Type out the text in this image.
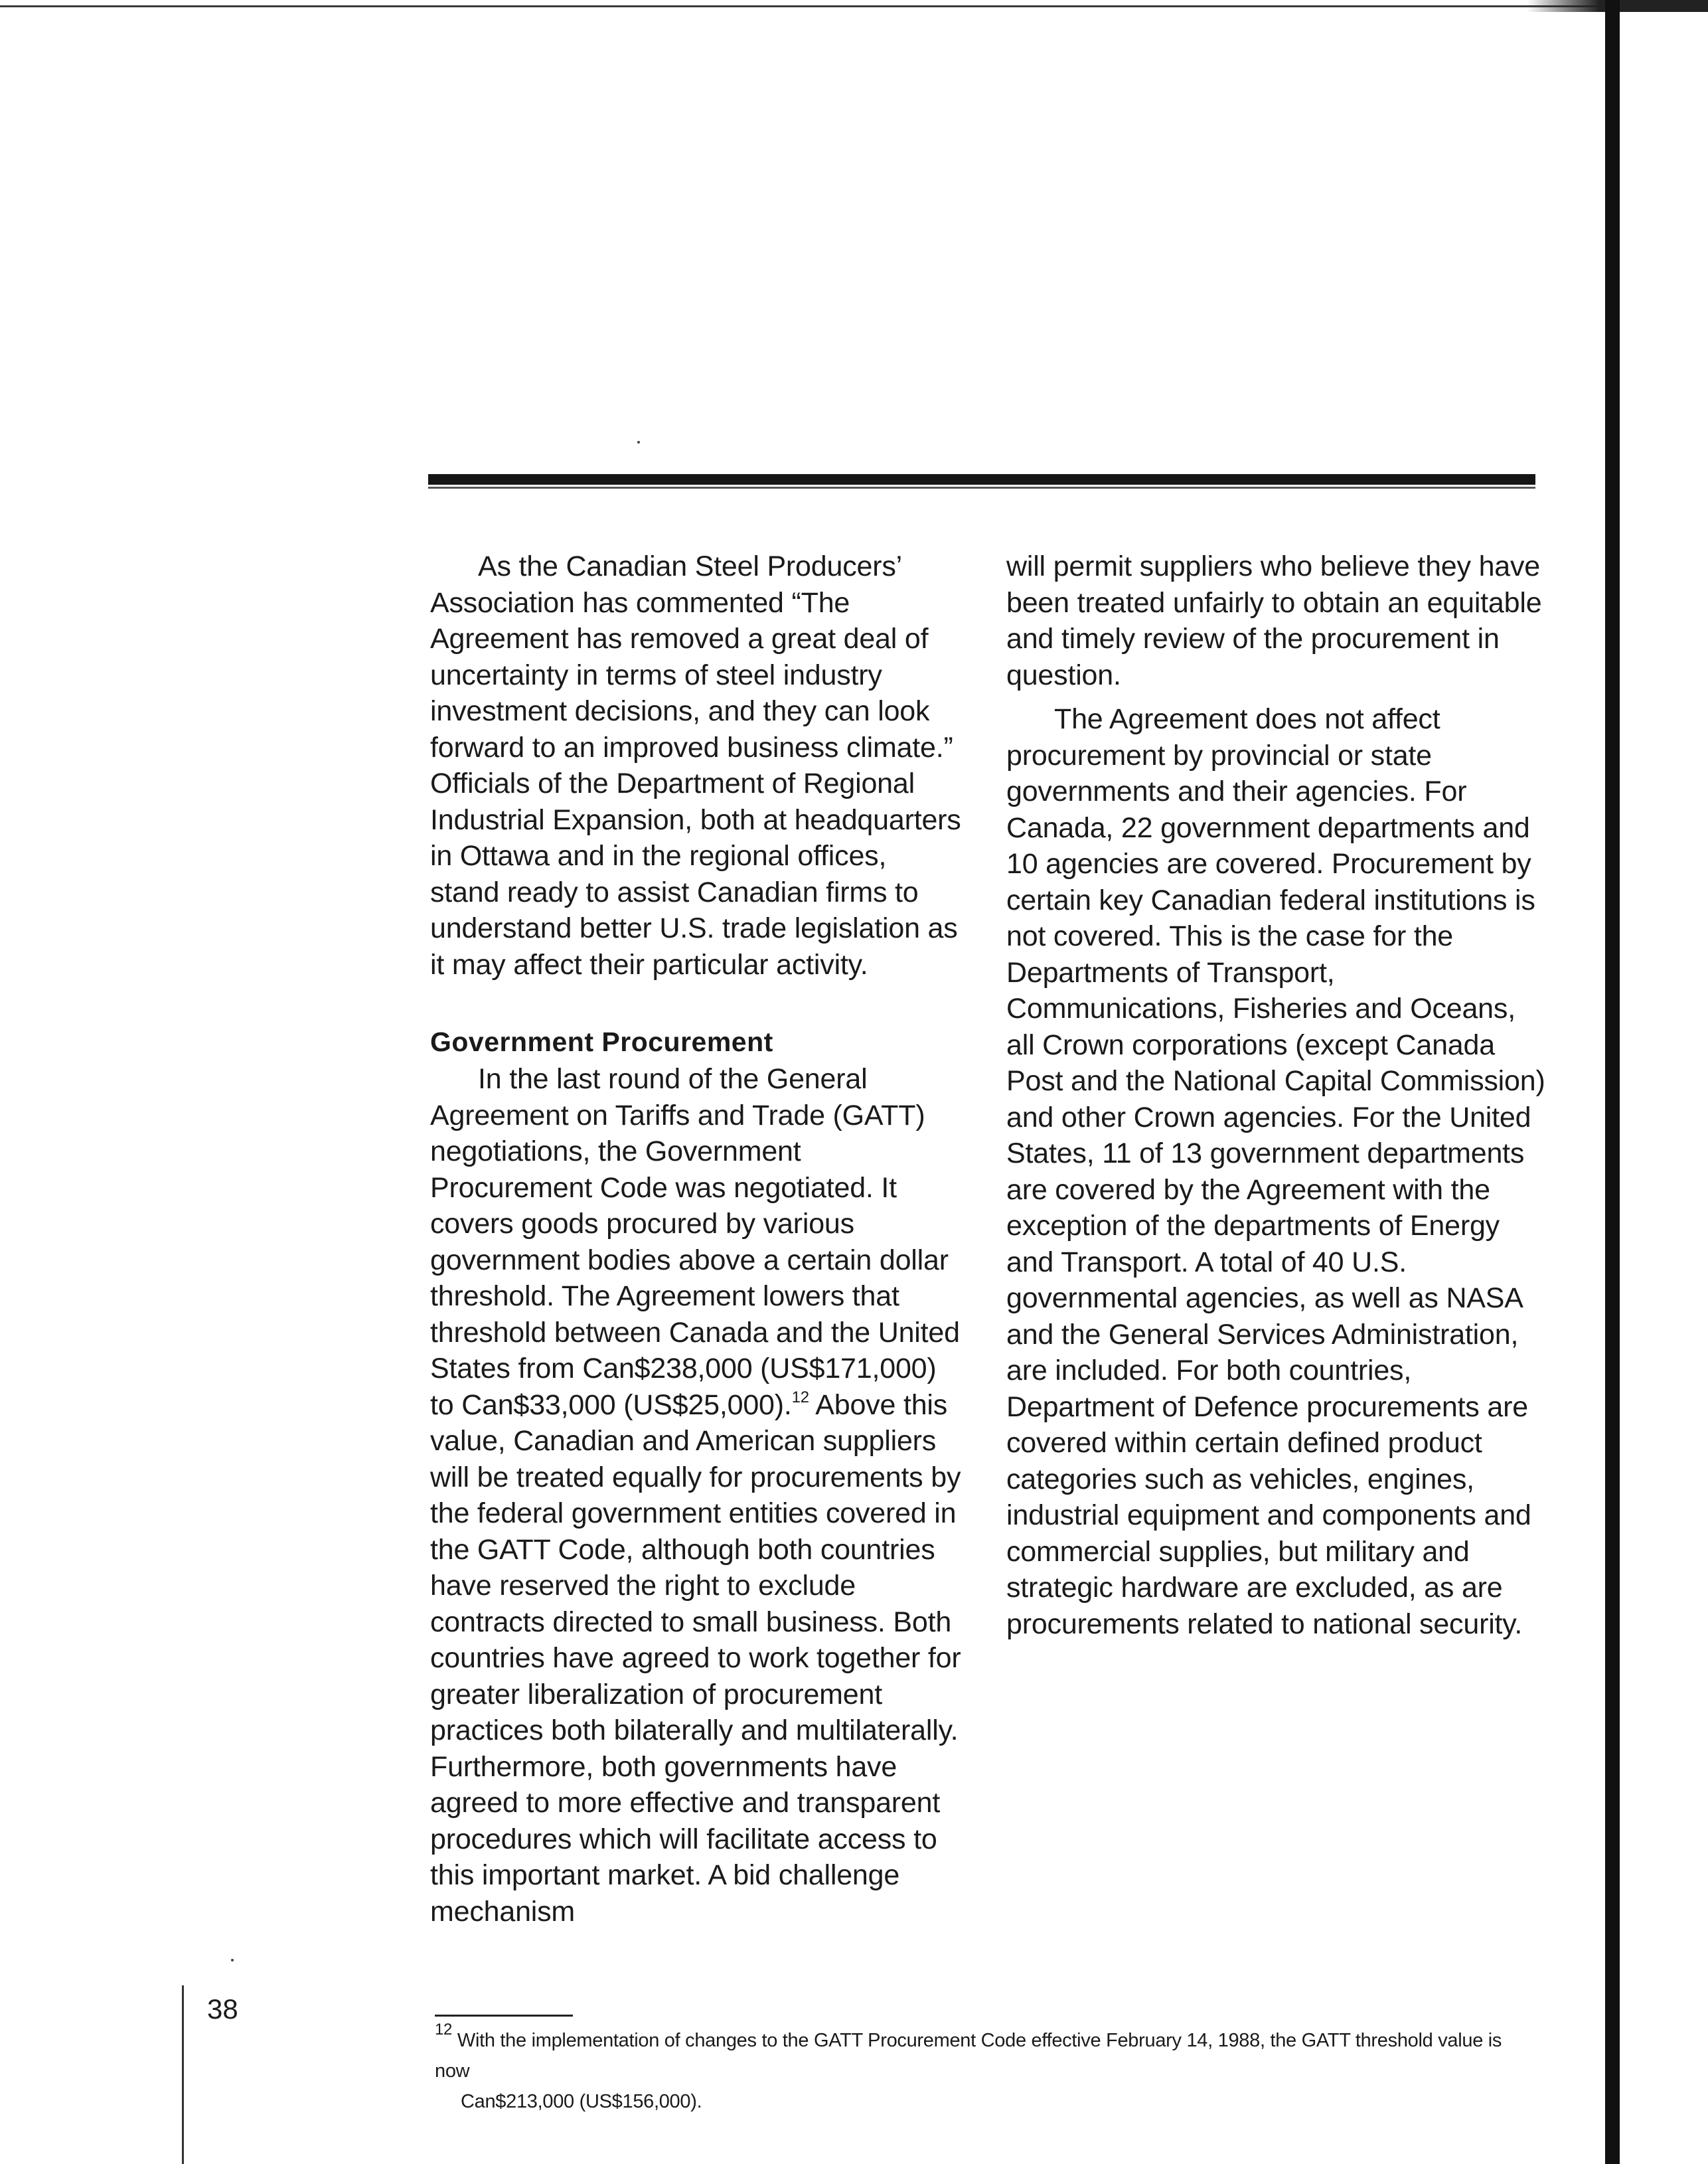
As the Canadian Steel Producers’ Association has commented “The Agreement has removed a great deal of uncertainty in terms of steel industry investment decisions, and they can look forward to an improved business climate.” Officials of the Department of Regional Industrial Expansion, both at headquarters in Ottawa and in the regional offices, stand ready to assist Canadian firms to understand better U.S. trade legislation as it may affect their particular activity.

Government Procurement

In the last round of the General Agreement on Tariffs and Trade (GATT) negotiations, the Government Procurement Code was negotiated. It covers goods procured by various government bodies above a certain dollar threshold. The Agreement lowers that threshold between Canada and the United States from Can$238,000 (US$171,000) to Can$33,000 (US$25,000).$^{12}$ Above this value, Canadian and American suppliers will be treated equally for procurements by the federal government entities covered in the GATT Code, although both countries have reserved the right to exclude contracts directed to small business. Both countries have agreed to work together for greater liberalization of procurement practices both bilaterally and multilaterally. Furthermore, both governments have agreed to more effective and transparent procedures which will facilitate access to this important market. A bid challenge mechanism

will permit suppliers who believe they have been treated unfairly to obtain an equitable and timely review of the procurement in question.

The Agreement does not affect procurement by provincial or state governments and their agencies. For Canada, 22 government departments and 10 agencies are covered. Procurement by certain key Canadian federal institutions is not covered. This is the case for the Departments of Transport, Communications, Fisheries and Oceans, all Crown corporations (except Canada Post and the National Capital Commission) and other Crown agencies. For the United States, 11 of 13 government departments are covered by the Agreement with the exception of the departments of Energy and Transport. A total of 40 U.S. governmental agencies, as well as NASA and the General Services Administration, are included. For both countries, Department of Defence procurements are covered within certain defined product categories such as vehicles, engines, industrial equipment and components and commercial supplies, but military and strategic hardware are excluded, as are procurements related to national security.

38
$^{12}$ With the implementation of changes to the GATT Procurement Code effective February 14, 1988, the GATT threshold value is now
Can$213,000 (US$156,000).
